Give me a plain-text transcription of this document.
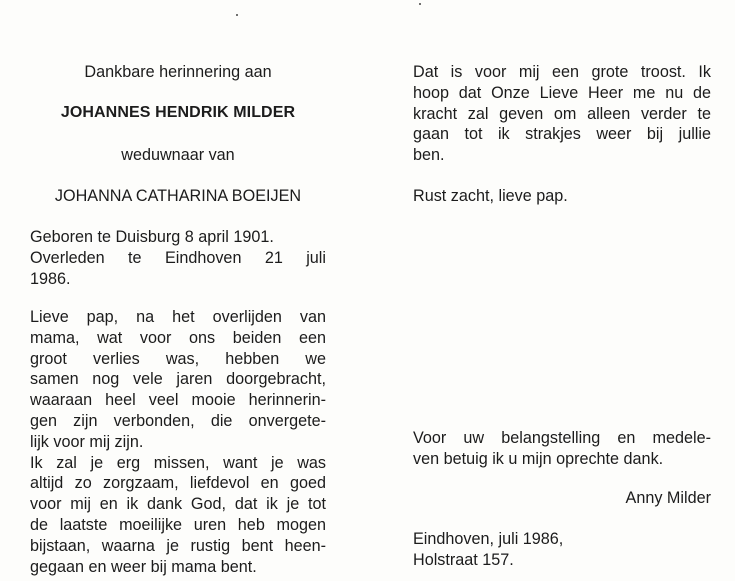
Dankbare herinnering aan
JOHANNES HENDRIK MILDER
weduwnaar van
JOHANNA CATHARINA BOEIJEN
Geboren te Duisburg 8 april 1901.
Overleden te Eindhoven 21 juli
1986.
Lieve pap, na het overlijden van
mama, wat voor ons beiden een
groot verlies was, hebben we
samen nog vele jaren doorgebracht,
waaraan heel veel mooie herinnerin-
gen zijn verbonden, die onvergete-
lijk voor mij zijn.
Ik zal je erg missen, want je was
altijd zo zorgzaam, liefdevol en goed
voor mij en ik dank God, dat ik je tot
de laatste moeilijke uren heb mogen
bijstaan, waarna je rustig bent heen-
gegaan en weer bij mama bent.
Dat is voor mij een grote troost. Ik
hoop dat Onze Lieve Heer me nu de
kracht zal geven om alleen verder te
gaan tot ik strakjes weer bij jullie
ben.
Rust zacht, lieve pap.
Voor uw belangstelling en medele-
ven betuig ik u mijn oprechte dank.
Anny Milder
Eindhoven, juli 1986,
Holstraat 157.
